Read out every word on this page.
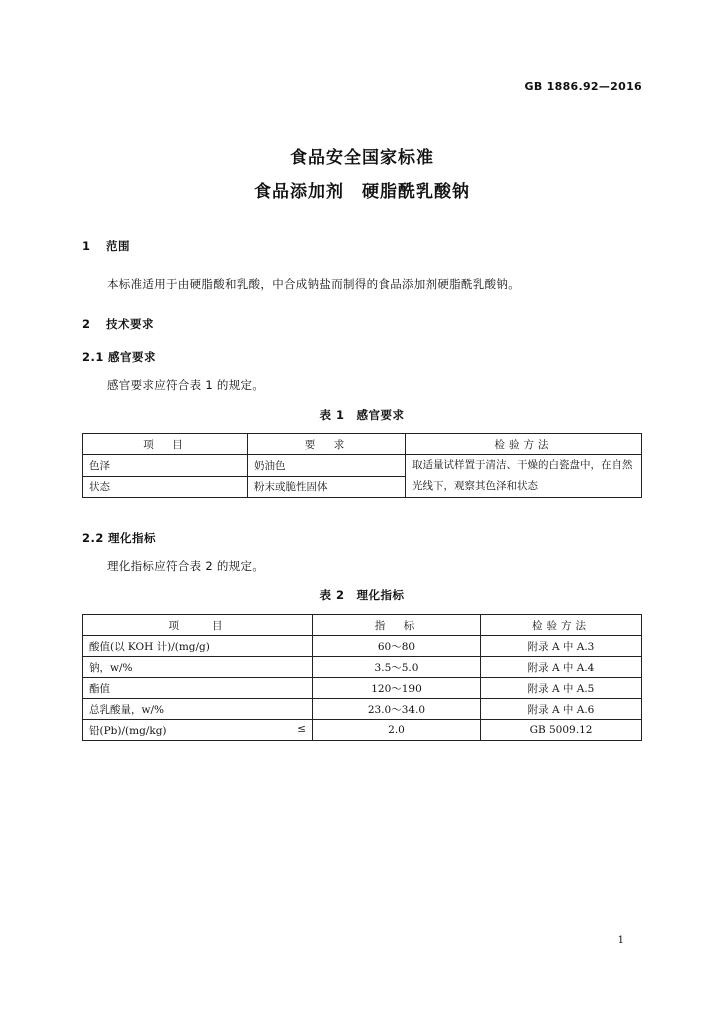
GB 1886.92—2016
食品安全国家标准
食品添加剂　硬脂酰乳酸钠
1 范围
本标准适用于由硬脂酸和乳酸，中合成钠盐而制得的食品添加剂硬脂酰乳酸钠。
2 技术要求
2.1 感官要求
感官要求应符合表 1 的规定。
表 1　感官要求
项　目	要　求	检验方法
色泽	奶油色	取适量试样置于清洁、干燥的白瓷盘中，在自然光线下，观察其色泽和状态
状态	粉末或脆性固体	
2.2 理化指标
理化指标应符合表 2 的规定。
表 2　理化指标
项　　目	指　标	检验方法
酸值(以 KOH 计)/(mg/g)	60～80	附录 A 中 A.3
钠，w/%	3.5～5.0	附录 A 中 A.4
酯值	120～190	附录 A 中 A.5
总乳酸量，w/%	23.0～34.0	附录 A 中 A.6
铅(Pb)/(mg/kg) ≤	2.0	GB 5009.12
1
